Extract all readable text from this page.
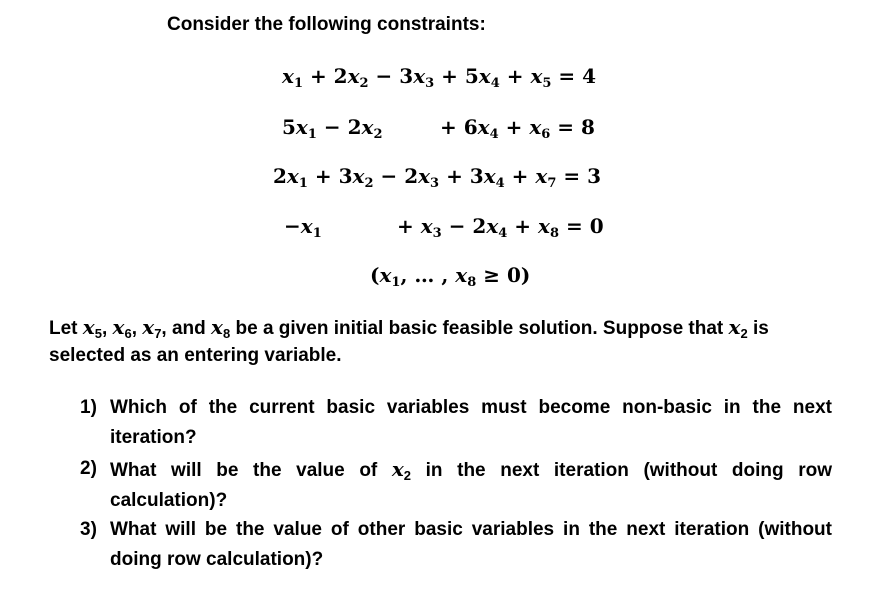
Consider the following constraints:
$x_1 + 2x_2 - 3x_3 + 5x_4 + x_5 = 4$
$5x_1 - 2x_2$	+ $6x_4 + x_6 = 8$
$2x_1 + 3x_2 - 2x_3 + 3x_4 + x_7 = 3$
$-x_1$	+ $x_3 - 2x_4 + x_8 = 0$
($x_1$, … , $x_8 \ge 0$)
Let $x_5$, $x_6$, $x_7$, and $x_8$ be a given initial basic feasible solution. Suppose that $x_2$ is
selected as an entering variable.
1) Which of the current basic variables must become non-basic in the next iteration?
2) What will be the value of $x_2$ in the next iteration (without doing row calculation)?
3) What will be the value of other basic variables in the next iteration (without doing row calculation)?
